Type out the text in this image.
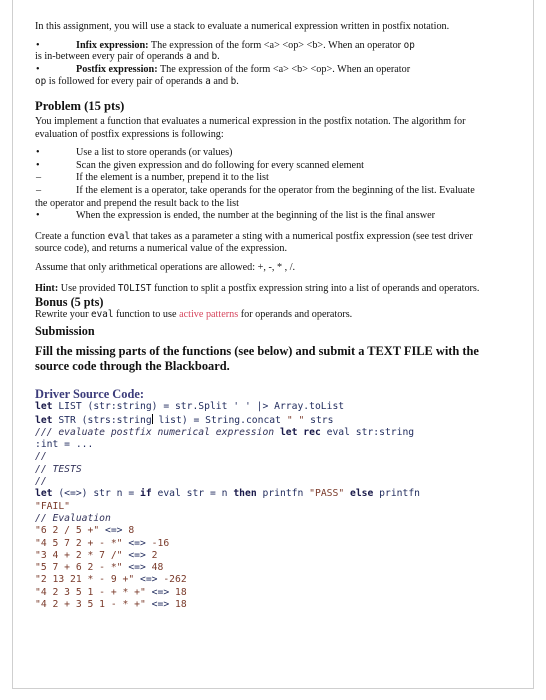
In this assignment, you will use a stack to evaluate a numerical expression written in postfix notation.

•	Infix expression: The expression of the form <a> <op> <b>. When an operator op

is in-between every pair of operands a and b.

•	Postfix expression: The expression of the form <a> <b> <op>. When an operator

op is followed for every pair of operands a and b.

Problem (15 pts)

You implement a function that evaluates a numerical expression in the postfix notation. The algorithm for evaluation of postfix expressions is following:

•	Use a list to store operands (or values)
•	Scan the given expression and do following for every scanned element
–	If the element is a number, prepend it to the list
–	If the element is a operator, take operands for the operator from the beginning of the list. Evaluate the operator and prepend the result back to the list
•	When the expression is ended, the number at the beginning of the list is the final answer

Create a function eval that takes as a parameter a sting with a numerical postfix expression (see test driver source code), and returns a numerical value of the expression.

Assume that only arithmetical operations are allowed: +, -, * , /.

Hint: Use provided TOLIST function to split a postfix expression string into a list of operands and operators.

Bonus (5 pts)

Rewrite your eval function to use active patterns for operands and operators.

Submission

Fill the missing parts of the functions (see below) and submit a TEXT FILE with the source code through the Blackboard.

Driver Source Code:
let LIST (str:string) = str.Split ' ' |> Array.toList
let STR (strs:string list) = String.concat " " strs
/// evaluate postfix numerical expression let rec eval str:string
:int = ...
//
// TESTS
//
let (<=>) str n = if eval str = n then printfn "PASS" else printfn
"FAIL"
// Evaluation
"6 2 / 5 +" <=> 8
"4 5 7 2 + - *" <=> -16
"3 4 + 2 * 7 /" <=> 2
"5 7 + 6 2 - *" <=> 48
"2 13 21 * - 9 +" <=> -262
"4 2 3 5 1 - + * +" <=> 18
"4 2 + 3 5 1 - * +" <=> 18
